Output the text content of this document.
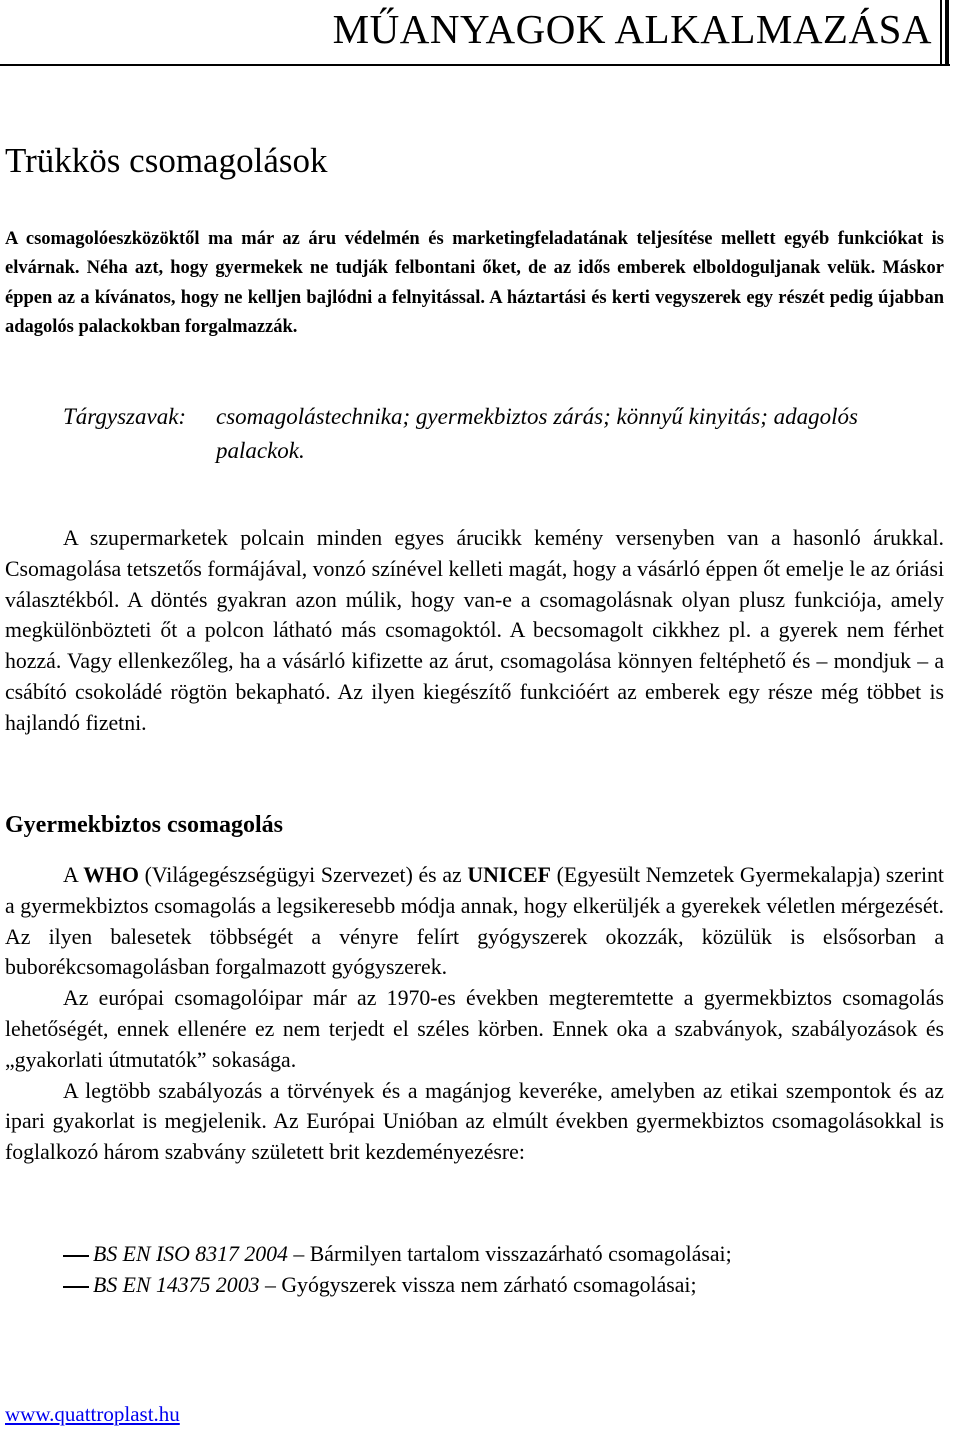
MŰANYAGOK ALKALMAZÁSA
Trükkös csomagolások

A csomagolóeszközöktől ma már az áru védelmén és marketingfeladatának teljesítése mellett egyéb funkciókat is elvárnak. Néha azt, hogy gyermekek ne tudják felbontani őket, de az idős emberek elboldoguljanak velük. Máskor éppen az a kívánatos, hogy ne kelljen bajlódni a felnyitással. A háztartási és kerti vegyszerek egy részét pedig újabban adagolós palackokban forgalmazzák.

Tárgyszavak: csomagolástechnika; gyermekbiztos zárás; könnyű kinyitás; adagolós palackok.

A szupermarketek polcain minden egyes árucikk kemény versenyben van a hasonló árukkal. Csomagolása tetszetős formájával, vonzó színével kelleti magát, hogy a vásárló éppen őt emelje le az óriási választékból. A döntés gyakran azon múlik, hogy van-e a csomagolásnak olyan plusz funkciója, amely megkülönbözteti őt a polcon látható más csomagoktól. A becsomagolt cikkhez pl. a gyerek nem férhet hozzá. Vagy ellenkezőleg, ha a vásárló kifizette az árut, csomagolása könnyen feltéphető és – mondjuk – a csábító csokoládé rögtön bekapható. Az ilyen kiegészítő funkcióért az emberek egy része még többet is hajlandó fizetni.

Gyermekbiztos csomagolás

A WHO (Világegészségügyi Szervezet) és az UNICEF (Egyesült Nemzetek Gyermekalapja) szerint a gyermekbiztos csomagolás a legsikeresebb módja annak, hogy elkerüljék a gyerekek véletlen mérgezését. Az ilyen balesetek többségét a vényre felírt gyógyszerek okozzák, közülük is elsősorban a buborékcsomagolásban forgalmazott gyógyszerek.

Az európai csomagolóipar már az 1970-es években megteremtette a gyermekbiztos csomagolás lehetőségét, ennek ellenére ez nem terjedt el széles körben. Ennek oka a szabványok, szabályozások és „gyakorlati útmutatók” sokasága.

A legtöbb szabályozás a törvények és a magánjog keveréke, amelyben az etikai szempontok és az ipari gyakorlat is megjelenik. Az Európai Unióban az elmúlt években gyermekbiztos csomagolásokkal is foglalkozó három szabvány született brit kezdeményezésre:

BS EN ISO 8317 2004 – Bármilyen tartalom visszazárható csomagolásai;
BS EN 14375 2003 – Gyógyszerek vissza nem zárható csomagolásai;
www.quattroplast.hu
